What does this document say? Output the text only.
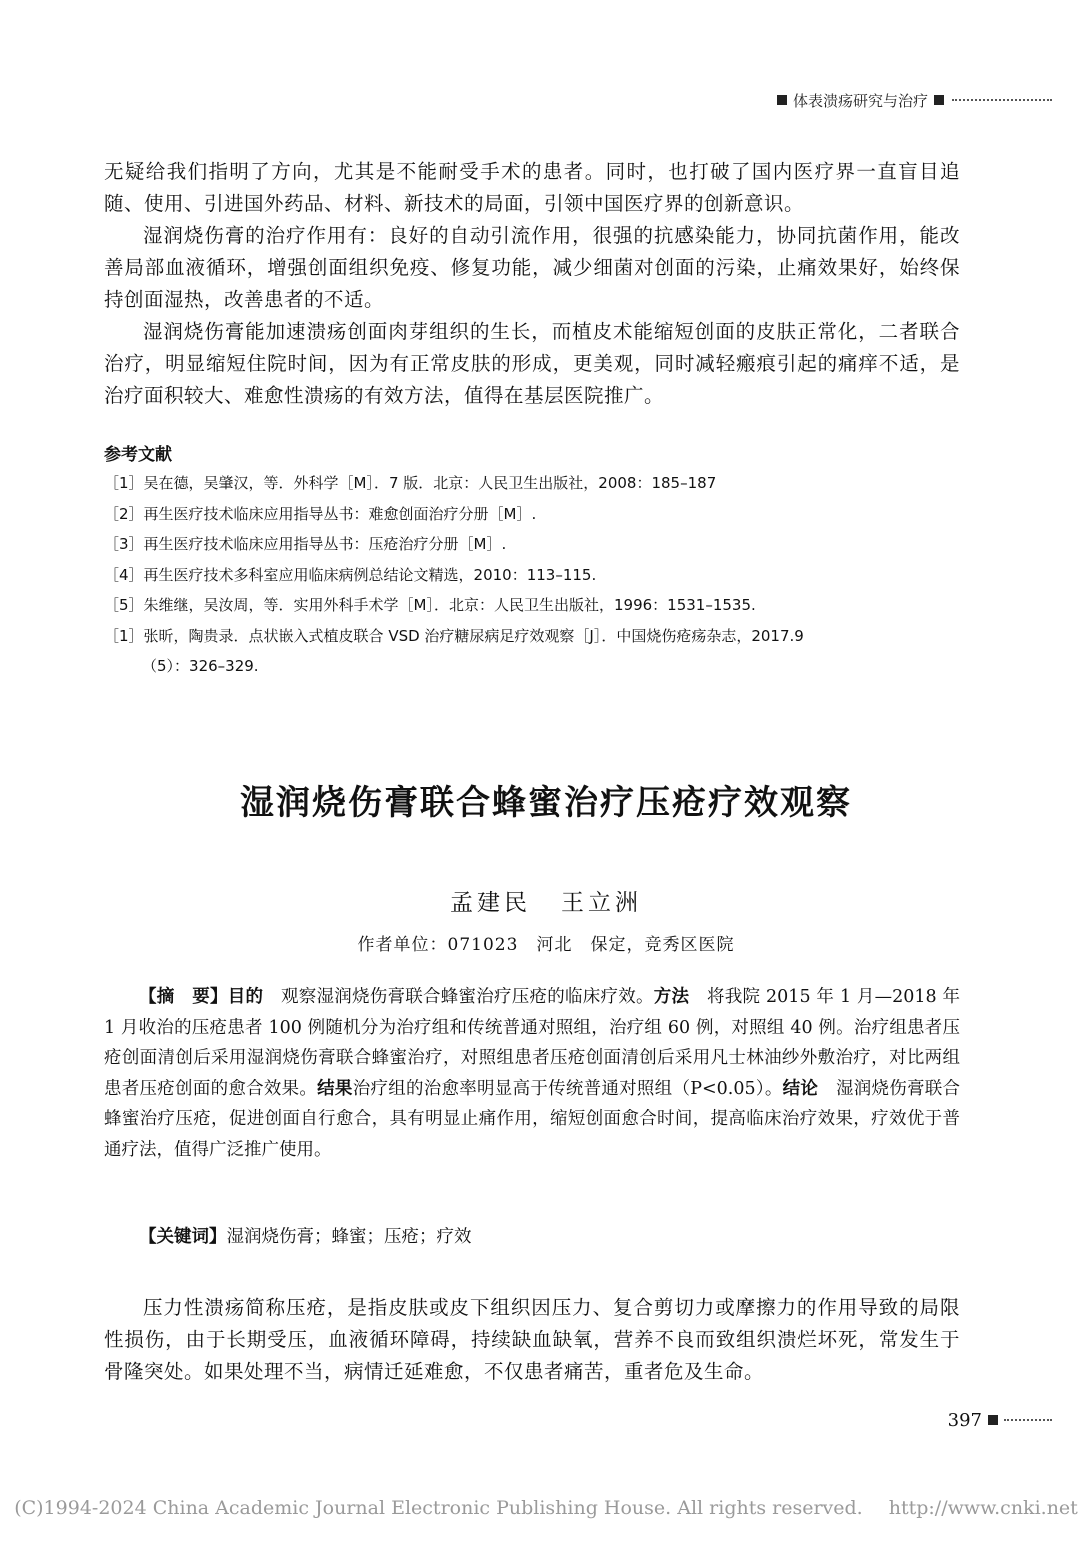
体表溃疡研究与治疗

无疑给我们指明了方向，尤其是不能耐受手术的患者。同时，也打破了国内医疗界一直盲目追随、使用、引进国外药品、材料、新技术的局面，引领中国医疗界的创新意识。

湿润烧伤膏的治疗作用有：良好的自动引流作用，很强的抗感染能力，协同抗菌作用，能改善局部血液循环，增强创面组织免疫、修复功能，减少细菌对创面的污染，止痛效果好，始终保持创面湿热，改善患者的不适。

湿润烧伤膏能加速溃疡创面肉芽组织的生长，而植皮术能缩短创面的皮肤正常化，二者联合治疗，明显缩短住院时间，因为有正常皮肤的形成，更美观，同时减轻瘢痕引起的痛痒不适，是治疗面积较大、难愈性溃疡的有效方法，值得在基层医院推广。

参考文献
［1］吴在德，吴肇汉，等．外科学［M］．7 版．北京：人民卫生出版社，2008：185–187
［2］再生医疗技术临床应用指导丛书：难愈创面治疗分册［M］.
［3］再生医疗技术临床应用指导丛书：压疮治疗分册［M］.
［4］再生医疗技术多科室应用临床病例总结论文精选，2010：113–115.
［5］朱维继，吴汝周，等．实用外科手术学［M］．北京：人民卫生出版社，1996：1531–1535.
［1］张昕，陶贵录．点状嵌入式植皮联合 VSD 治疗糖尿病足疗效观察［J］．中国烧伤疮疡杂志，2017.9
（5）：326–329.
湿润烧伤膏联合蜂蜜治疗压疮疗效观察
孟建民 王立洲
作者单位：071023　河北　保定，竞秀区医院

【摘　要】目的　观察湿润烧伤膏联合蜂蜜治疗压疮的临床疗效。方法　将我院 2015 年 1 月—2018 年 1 月收治的压疮患者 100 例随机分为治疗组和传统普通对照组，治疗组 60 例，对照组 40 例。治疗组患者压疮创面清创后采用湿润烧伤膏联合蜂蜜治疗，对照组患者压疮创面清创后采用凡士林油纱外敷治疗，对比两组患者压疮创面的愈合效果。结果治疗组的治愈率明显高于传统普通对照组（P<0.05）。结论　湿润烧伤膏联合蜂蜜治疗压疮，促进创面自行愈合，具有明显止痛作用，缩短创面愈合时间，提高临床治疗效果，疗效优于普通疗法，值得广泛推广使用。

【关键词】湿润烧伤膏；蜂蜜；压疮；疗效

压力性溃疡简称压疮，是指皮肤或皮下组织因压力、复合剪切力或摩擦力的作用导致的局限性损伤，由于长期受压，血液循环障碍，持续缺血缺氧，营养不良而致组织溃烂坏死，常发生于骨隆突处。如果处理不当，病情迁延难愈，不仅患者痛苦，重者危及生命。

397
(C)1994-2024 China Academic Journal Electronic Publishing House. All rights reserved. http://www.cnki.net
